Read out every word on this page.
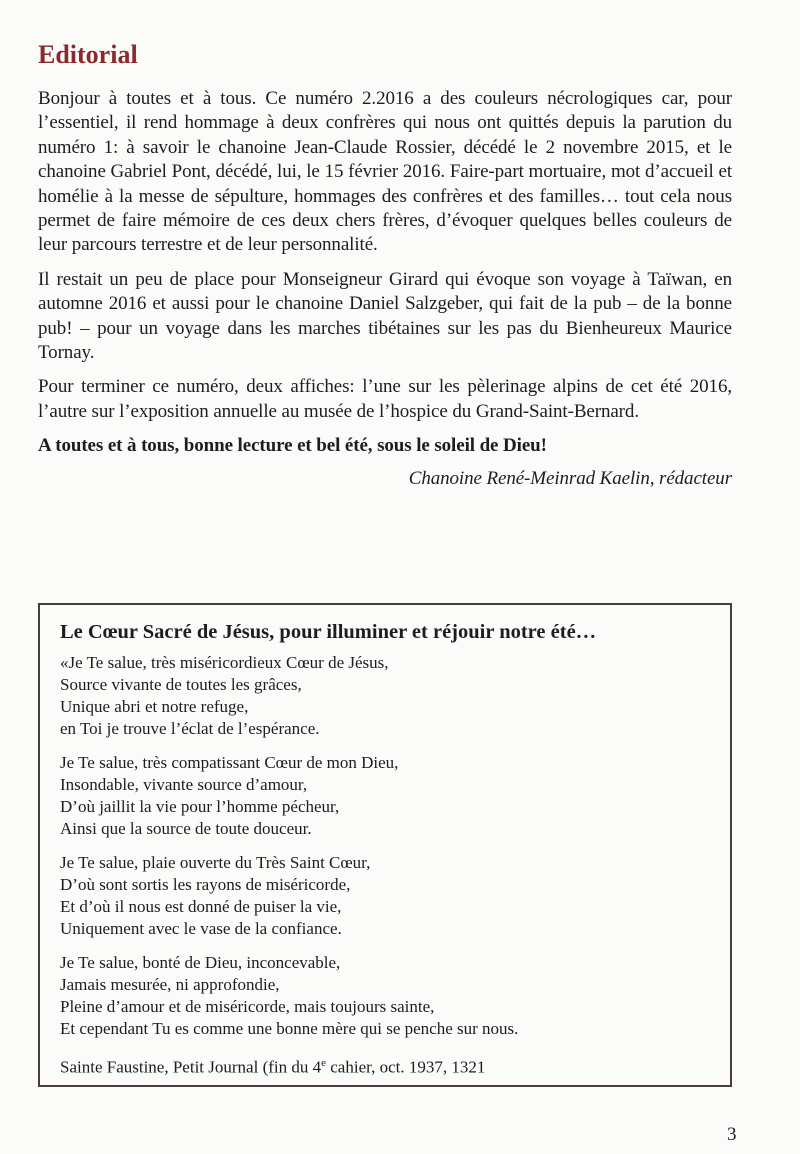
Editorial

Bonjour à toutes et à tous. Ce numéro 2.2016 a des couleurs nécrologiques car, pour l’essentiel, il rend hommage à deux confrères qui nous ont quittés depuis la parution du numéro 1: à savoir le chanoine Jean-Claude Rossier, décédé le 2 novembre 2015, et le chanoine Gabriel Pont, décédé, lui, le 15 février 2016. Faire-part mortuaire, mot d’accueil et homélie à la messe de sépulture, hommages des confrères et des familles… tout cela nous permet de faire mémoire de ces deux chers frères, d’évoquer quelques belles couleurs de leur parcours terrestre et de leur personnalité.

Il restait un peu de place pour Monseigneur Girard qui évoque son voyage à Taïwan, en automne 2016 et aussi pour le chanoine Daniel Salzgeber, qui fait de la pub – de la bonne pub! – pour un voyage dans les marches tibétaines sur les pas du Bienheureux Maurice Tornay.

Pour terminer ce numéro, deux affiches: l’une sur les pèlerinage alpins de cet été 2016, l’autre sur l’exposition annuelle au musée de l’hospice du Grand-Saint-Bernard.

A toutes et à tous, bonne lecture et bel été, sous le soleil de Dieu!

Chanoine René-Meinrad Kaelin, rédacteur

Le Cœur Sacré de Jésus, pour illuminer et réjouir notre été…
«Je Te salue, très miséricordieux Cœur de Jésus,
Source vivante de toutes les grâces,
Unique abri et notre refuge,
en Toi je trouve l’éclat de l’espérance.
Je Te salue, très compatissant Cœur de mon Dieu,
Insondable, vivante source d’amour,
D’où jaillit la vie pour l’homme pécheur,
Ainsi que la source de toute douceur.
Je Te salue, plaie ouverte du Très Saint Cœur,
D’où sont sortis les rayons de miséricorde,
Et d’où il nous est donné de puiser la vie,
Uniquement avec le vase de la confiance.
Je Te salue, bonté de Dieu, inconcevable,
Jamais mesurée, ni approfondie,
Pleine d’amour et de miséricorde, mais toujours sainte,
Et cependant Tu es comme une bonne mère qui se penche sur nous.
Sainte Faustine, Petit Journal (fin du 4e cahier, oct. 1937, 1321
3
